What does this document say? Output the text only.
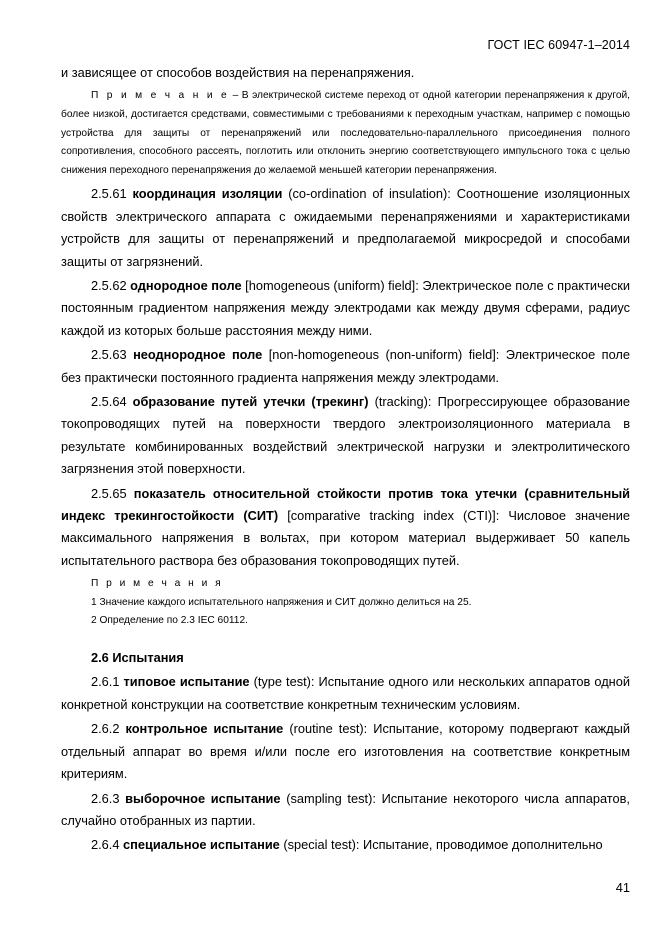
ГОСТ IEC 60947-1–2014

и зависящее от способов воздействия на перенапряжения.

П р и м е ч а н и е – В электрической системе переход от одной категории перенапряжения к другой, более низкой, достигается средствами, совместимыми с требованиями к переходным участкам, например с помощью устройства для защиты от перенапряжений или последовательно-параллельного присоединения полного сопротивления, способного рассеять, поглотить или отклонить энергию соответствующего импульсного тока с целью снижения переходного перенапряжения до желаемой меньшей категории перенапряжения.

2.5.61 координация изоляции (co-ordination of insulation): Соотношение изоляционных свойств электрического аппарата с ожидаемыми перенапряжениями и характеристиками устройств для защиты от перенапряжений и предполагаемой микросредой и способами защиты от загрязнений.

2.5.62 однородное поле [homogeneous (uniform) field]: Электрическое поле с практически постоянным градиентом напряжения между электродами как между двумя сферами, радиус каждой из которых больше расстояния между ними.

2.5.63 неоднородное поле [non-homogeneous (non-uniform) field]: Электрическое поле без практически постоянного градиента напряжения между электродами.

2.5.64 образование путей утечки (трекинг) (tracking): Прогрессирующее образование токопроводящих путей на поверхности твердого электроизоляционного материала в результате комбинированных воздействий электрической нагрузки и электролитического загрязнения этой поверхности.

2.5.65 показатель относительной стойкости против тока утечки (сравнительный индекс трекингостойкости (СИТ) [comparative tracking index (CTI)]: Числовое значение максимального напряжения в вольтах, при котором материал выдерживает 50 капель испытательного раствора без образования токопроводящих путей.

П р и м е ч а н и я

1 Значение каждого испытательного напряжения и СИТ должно делиться на 25.

2 Определение по 2.3 IEC 60112.

2.6 Испытания

2.6.1 типовое испытание (type test): Испытание одного или нескольких аппаратов одной конкретной конструкции на соответствие конкретным техническим условиям.

2.6.2 контрольное испытание (routine test): Испытание, которому подвергают каждый отдельный аппарат во время и/или после его изготовления на соответствие конкретным критериям.

2.6.3 выборочное испытание (sampling test): Испытание некоторого числа аппаратов, случайно отобранных из партии.

2.6.4 специальное испытание (special test): Испытание, проводимое дополнительно

41
